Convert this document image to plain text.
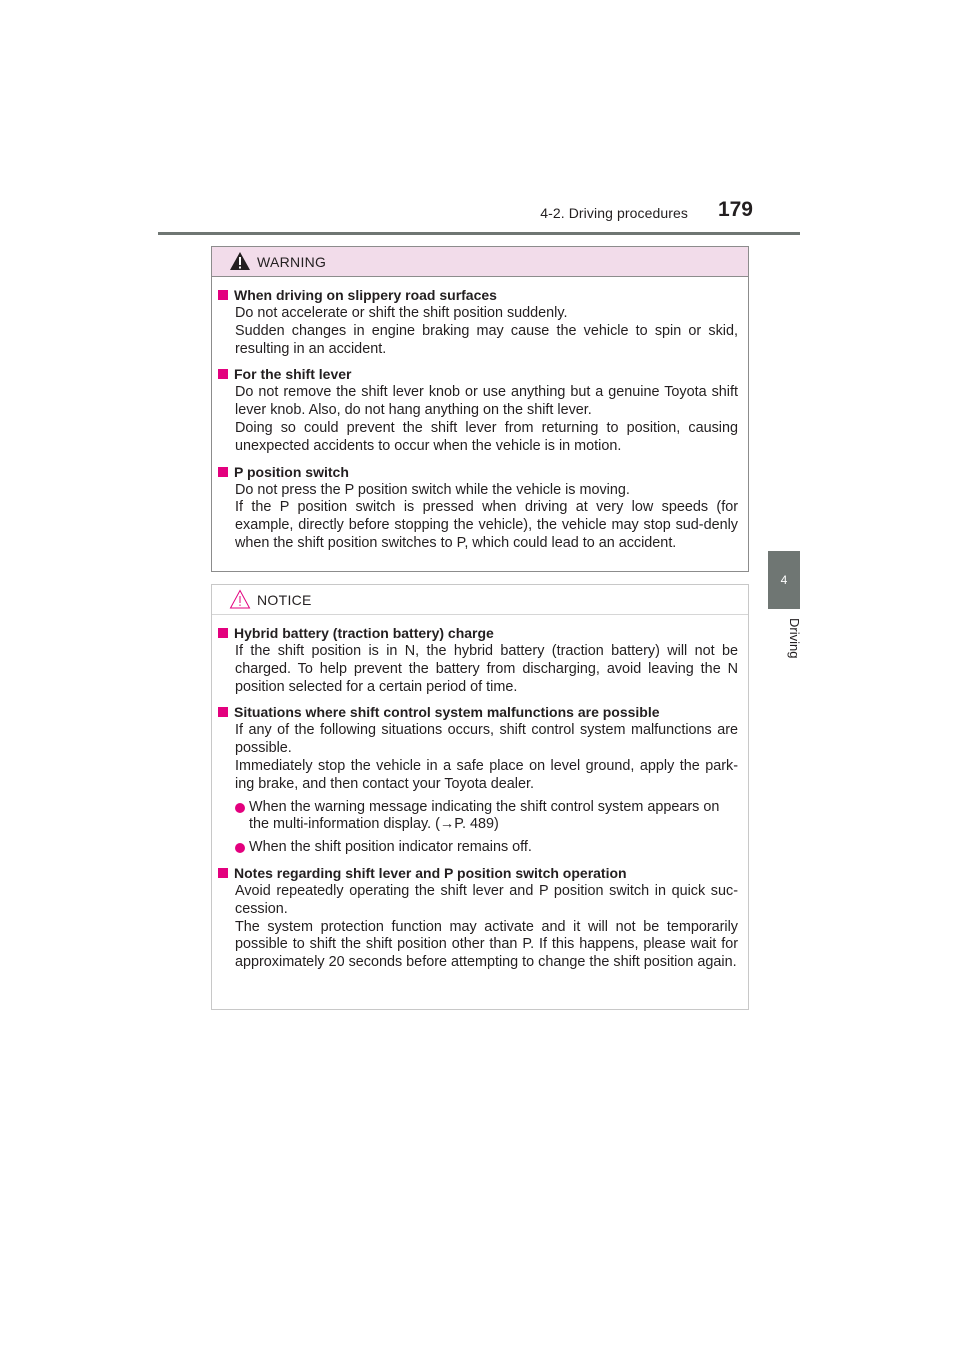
4-2. Driving procedures	179
4
Driving
WARNING
When driving on slippery road surfaces
Do not accelerate or shift the shift position suddenly.
Sudden changes in engine braking may cause the vehicle to spin or skid, resulting in an accident.
For the shift lever
Do not remove the shift lever knob or use anything but a genuine Toyota shift lever knob. Also, do not hang anything on the shift lever.
Doing so could prevent the shift lever from returning to position, causing unexpected accidents to occur when the vehicle is in motion.
P position switch
Do not press the P position switch while the vehicle is moving.
If the P position switch is pressed when driving at very low speeds (for example, directly before stopping the vehicle), the vehicle may stop sud-denly when the shift position switches to P, which could lead to an accident.
NOTICE
Hybrid battery (traction battery) charge
If the shift position is in N, the hybrid battery (traction battery) will not be charged. To help prevent the battery from discharging, avoid leaving the N position selected for a certain period of time.
Situations where shift control system malfunctions are possible
If any of the following situations occurs, shift control system malfunctions are possible.
Immediately stop the vehicle in a safe place on level ground, apply the park-ing brake, and then contact your Toyota dealer.
When the warning message indicating the shift control system appears on the multi-information display. (→P. 489)
When the shift position indicator remains off.
Notes regarding shift lever and P position switch operation
Avoid repeatedly operating the shift lever and P position switch in quick suc-cession.
The system protection function may activate and it will not be temporarily possible to shift the shift position other than P. If this happens, please wait for approximately 20 seconds before attempting to change the shift position again.
